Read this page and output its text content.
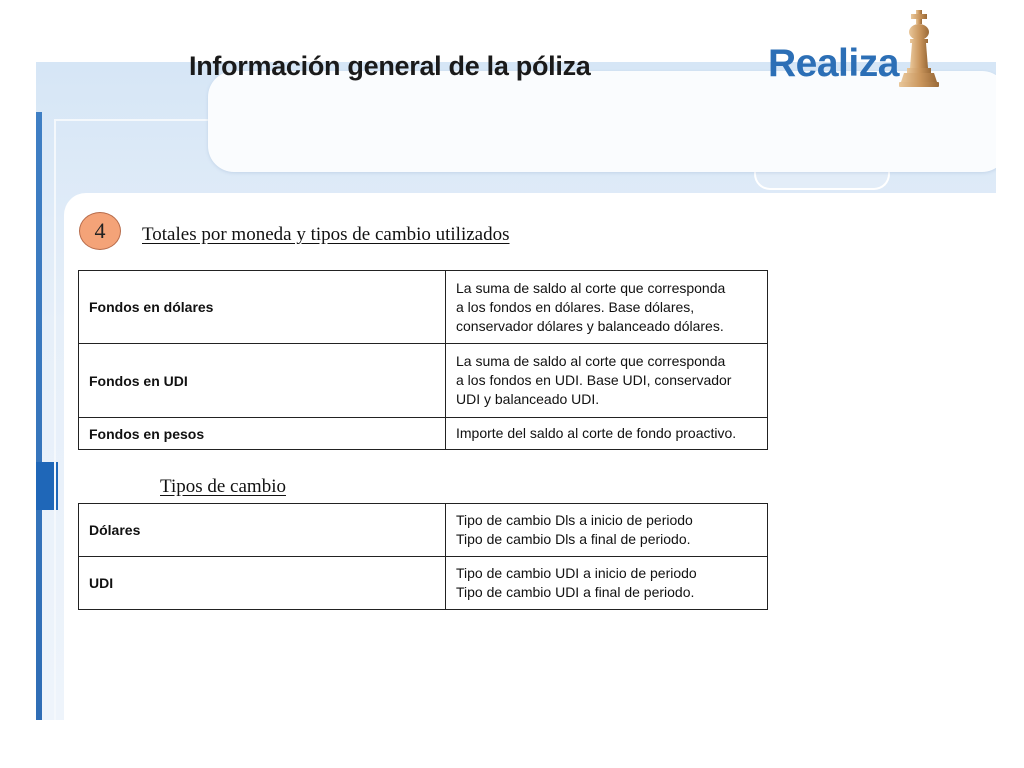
Información general de la póliza	Realiza
4	Totales por moneda y tipos de cambio utilizados
Fondos en dólares	La suma de saldo al corte que corresponda
a los fondos en dólares. Base dólares,
conservador dólares y balanceado dólares.
Fondos en UDI	La suma de saldo al corte que corresponda
a los fondos en UDI. Base UDI, conservador
UDI y balanceado UDI.
Fondos en pesos	Importe del saldo al corte de fondo proactivo.
Tipos de cambio
Dólares	Tipo de cambio Dls a inicio de periodo
Tipo de cambio Dls a final de periodo.
UDI	Tipo de cambio UDI a inicio de periodo
Tipo de cambio UDI a final de periodo.
